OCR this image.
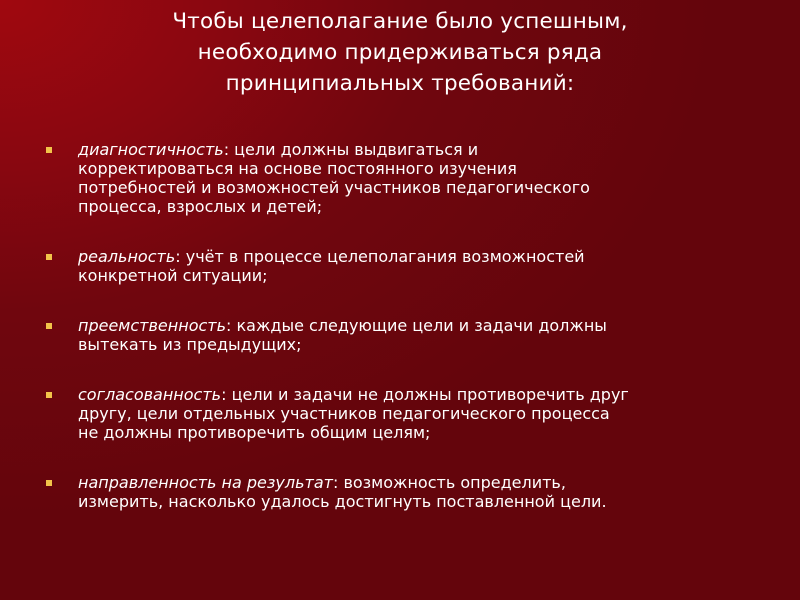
Чтобы целеполагание было успешным,
необходимо придерживаться ряда
принципиальных требований:
диагностичность: цели должны выдвигаться и
корректироваться на основе постоянного изучения
потребностей и возможностей участников педагогического
процесса, взрослых и детей;
реальность: учёт в процессе целеполагания возможностей
конкретной ситуации;
преемственность: каждые следующие цели и задачи должны
вытекать из предыдущих;
согласованность: цели и задачи не должны противоречить друг
другу, цели отдельных участников педагогического процесса
не должны противоречить общим целям;
направленность на результат: возможность определить,
измерить, насколько удалось достигнуть поставленной цели.
